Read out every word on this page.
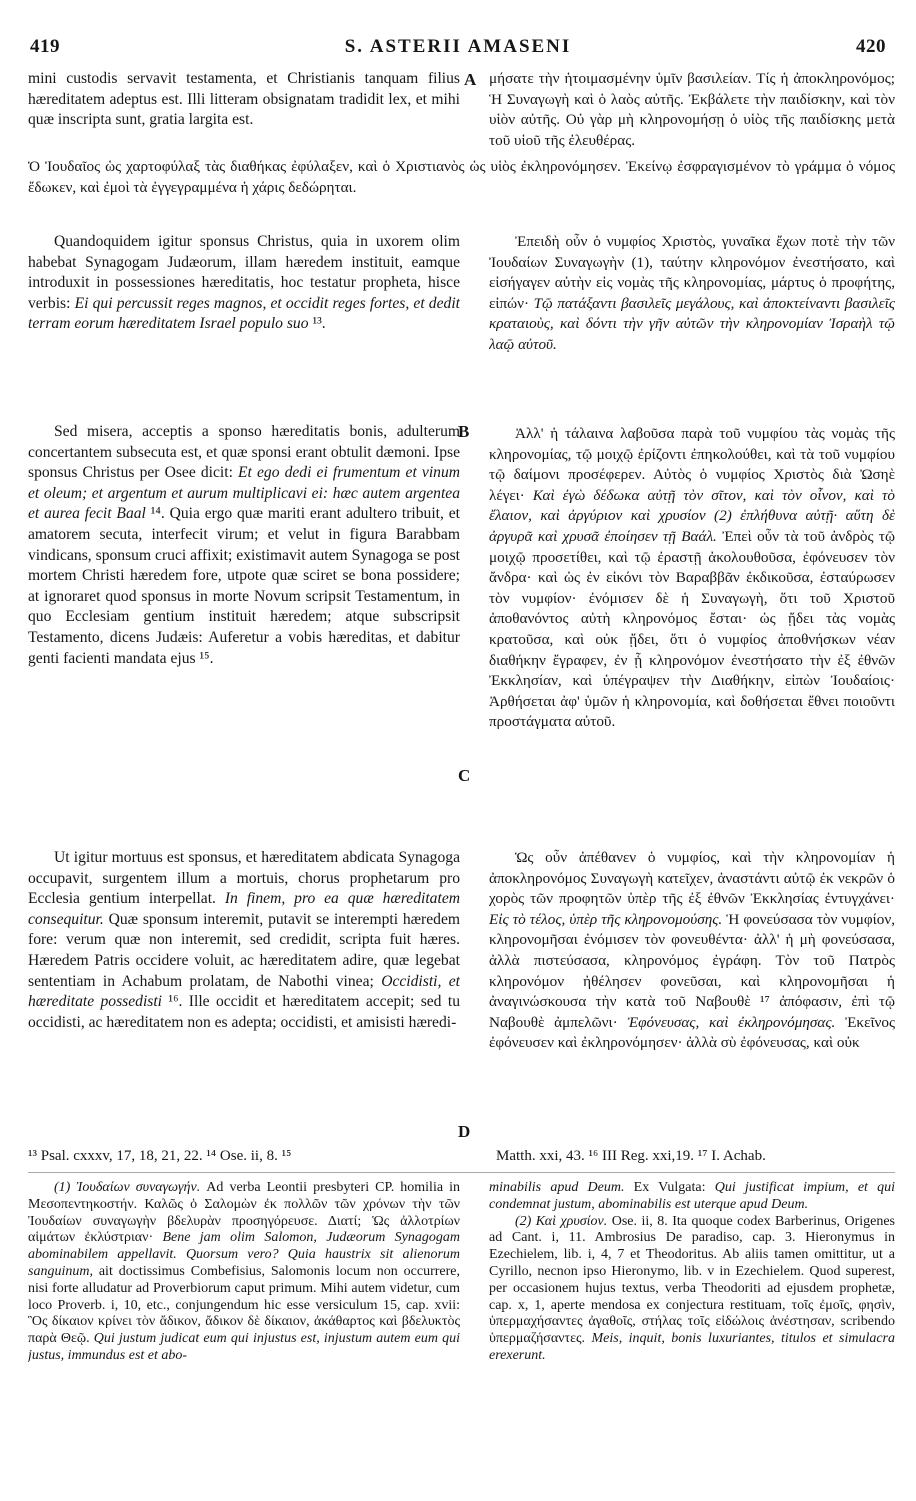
419	S. ASTERII AMASENI	420
A
B
C
D
mini custodis servavit testamenta, et Christianis tanquam filius hæreditatem adeptus est. Illi litteram obsignatam tradidit lex, et mihi quæ inscripta sunt, gratia largita est.
μήσατε τὴν ἡτοιμασμένην ὑμῖν βασιλείαν. Τίς ἡ ἀποκληρονόμος; Ἡ Συναγωγὴ καὶ ὁ λαὸς αὐτῆς. Ἐκβάλετε τὴν παιδίσκην, καὶ τὸν υἱὸν αὐτῆς. Οὐ γὰρ μὴ κληρονομήσῃ ὁ υἱὸς τῆς παιδίσκης μετὰ τοῦ υἱοῦ τῆς ἐλευθέρας.
Ὁ Ἰουδαῖος ὡς χαρτοφύλαξ τὰς διαθήκας ἐφύλαξεν, καὶ ὁ Χριστιανὸς ὡς υἱὸς ἐκληρονόμησεν. Ἐκείνῳ ἐσφραγισμένον τὸ γράμμα ὁ νόμος ἔδωκεν, καὶ ἐμοὶ τὰ ἐγγεγραμμένα ἡ χάρις δεδώρηται.
Quandoquidem igitur sponsus Christus, quia in uxorem olim habebat Synagogam Judæorum, illam hæredem instituit, eamque introduxit in possessiones hæreditatis, hoc testatur propheta, hisce verbis: Ei qui percussit reges magnos, et occidit reges fortes, et dedit terram eorum hæreditatem Israel populo suo ¹³.
Ἐπειδὴ οὖν ὁ νυμφίος Χριστὸς, γυναῖκα ἔχων ποτὲ τὴν τῶν Ἰουδαίων Συναγωγὴν (1), ταύτην κληρονόμον ἐνεστήσατο, καὶ εἰσήγαγεν αὐτὴν εἰς νομὰς τῆς κληρονομίας, μάρτυς ὁ προφήτης, εἰπών· Τῷ πατάξαντι βασιλεῖς μεγάλους, καὶ ἀποκτείναντι βασιλεῖς κραταιοὺς, καὶ δόντι τὴν γῆν αὐτῶν τὴν κληρονομίαν Ἰσραὴλ τῷ λαῷ αὐτοῦ.
Sed misera, acceptis a sponso hæreditatis bonis, adulterum concertantem subsecuta est, et quæ sponsi erant obtulit dæmoni. Ipse sponsus Christus per Osee dicit: Et ego dedi ei frumentum et vinum et oleum; et argentum et aurum multiplicavi ei: hæc autem argentea et aurea fecit Baal ¹⁴. Quia ergo quæ mariti erant adultero tribuit, et amatorem secuta, interfecit virum; et velut in figura Barabbam vindicans, sponsum cruci affixit; existimavit autem Synagoga se post mortem Christi hæredem fore, utpote quæ sciret se bona possidere; at ignoraret quod sponsus in morte Novum scripsit Testamentum, in quo Ecclesiam gentium instituit hæredem; atque subscripsit Testamento, dicens Judæis: Auferetur a vobis hæreditas, et dabitur genti facienti mandata ejus ¹⁵.
Ἀλλ' ἡ τάλαινα λαβοῦσα παρὰ τοῦ νυμφίου τὰς νομὰς τῆς κληρονομίας, τῷ μοιχῷ ἐρίζοντι ἐπηκολούθει, καὶ τὰ τοῦ νυμφίου τῷ δαίμονι προσέφερεν. Αὐτὸς ὁ νυμφίος Χριστὸς διὰ Ὠσηὲ λέγει· Καὶ ἐγὼ δέδωκα αὐτῇ τὸν σῖτον, καὶ τὸν οἶνον, καὶ τὸ ἔλαιον, καὶ ἀργύριον καὶ χρυσίον (2) ἐπλήθυνα αὐτῇ· αὕτη δὲ ἀργυρᾶ καὶ χρυσᾶ ἐποίησεν τῇ Βαάλ. Ἐπεὶ οὖν τὰ τοῦ ἀνδρὸς τῷ μοιχῷ προσετίθει, καὶ τῷ ἐραστῇ ἀκολουθοῦσα, ἐφόνευσεν τὸν ἄνδρα· καὶ ὡς ἐν εἰκόνι τὸν Βαραββᾶν ἐκδικοῦσα, ἐσταύρωσεν τὸν νυμφίον· ἐνόμισεν δὲ ἡ Συναγωγὴ, ὅτι τοῦ Χριστοῦ ἀποθανόντος αὐτὴ κληρονόμος ἔσται· ὡς ᾔδει τὰς νομὰς κρατοῦσα, καὶ οὐκ ᾔδει, ὅτι ὁ νυμφίος ἀποθνήσκων νέαν διαθήκην ἔγραφεν, ἐν ᾗ κληρονόμον ἐνεστήσατο τὴν ἐξ ἐθνῶν Ἐκκλησίαν, καὶ ὑπέγραψεν τὴν Διαθήκην, εἰπὼν Ἰουδαίοις· Ἀρθήσεται ἀφ' ὑμῶν ἡ κληρονομία, καὶ δοθήσεται ἔθνει ποιοῦντι προστάγματα αὐτοῦ.
Ut igitur mortuus est sponsus, et hæreditatem abdicata Synagoga occupavit, surgentem illum a mortuis, chorus prophetarum pro Ecclesia gentium interpellat. In finem, pro ea quæ hæreditatem consequitur. Quæ sponsum interemit, putavit se interempti hæredem fore: verum quæ non interemit, sed credidit, scripta fuit hæres. Hæredem Patris occidere voluit, ac hæreditatem adire, quæ legebat sententiam in Achabum prolatam, de Nabothi vinea; Occidisti, et hæreditate possedisti ¹⁶. Ille occidit et hæreditatem accepit; sed tu occidisti, ac hæreditatem non es adepta; occidisti, et amisisti hæredi-
Ὡς οὖν ἀπέθανεν ὁ νυμφίος, καὶ τὴν κληρονομίαν ἡ ἀποκληρονόμος Συναγωγὴ κατεῖχεν, ἀναστάντι αὐτῷ ἐκ νεκρῶν ὁ χορὸς τῶν προφητῶν ὑπὲρ τῆς ἐξ ἐθνῶν Ἐκκλησίας ἐντυγχάνει· Εἰς τὸ τέλος, ὑπὲρ τῆς κληρονομούσης. Ἡ φονεύσασα τὸν νυμφίον, κληρονομῆσαι ἐνόμισεν τὸν φονευθέντα· ἀλλ' ἡ μὴ φονεύσασα, ἀλλὰ πιστεύσασα, κληρονόμος ἐγράφη. Τὸν τοῦ Πατρὸς κληρονόμον ἠθέλησεν φονεῦσαι, καὶ κληρονομῆσαι ἡ ἀναγινώσκουσα τὴν κατὰ τοῦ Ναβουθὲ ¹⁷ ἀπόφασιν, ἐπὶ τῷ Ναβουθὲ ἀμπελῶνι· Ἐφόνευσας, καὶ ἐκληρονόμησας. Ἐκεῖνος ἐφόνευσεν καὶ ἐκληρονόμησεν· ἀλλὰ σὺ ἐφόνευσας, καὶ οὐκ
¹³ Psal. cxxxv, 17, 18, 21, 22. ¹⁴ Ose. ii, 8. ¹⁵	Matth. xxi, 43. ¹⁶ III Reg. xxi,19. ¹⁷ I. Achab.
(1) Ἰουδαίων συναγωγήν. Ad verba Leontii presbyteri CP. homilia in Μεσοπεντηκοστήν. Καλῶς ὁ Σαλομὼν ἐκ πολλῶν τῶν χρόνων τὴν τῶν Ἰουδαίων συναγωγὴν βδελυρὰν προσηγόρευσε. Διατί; Ὡς ἀλλοτρίων αἱμάτων ἐκλύστριαν· Bene jam olim Salomon, Judæorum Synagogam abominabilem appellavit. Quorsum vero? Quia haustrix sit alienorum sanguinum, ait doctissimus Combefisius, Salomonis locum non occurrere, nisi forte alludatur ad Proverbiorum caput primum. Mihi autem videtur, cum loco Proverb. i, 10, etc., conjungendum hic esse versiculum 15, cap. xvii: Ὃς δίκαιον κρίνει τὸν ἄδικον, ἄδικον δὲ δίκαιον, ἀκάθαρτος καὶ βδελυκτὸς παρὰ Θεῷ. Qui justum judicat eum qui injustus est, injustum autem eum qui justus, immundus est et abo-
minabilis apud Deum. Ex Vulgata: Qui justificat impium, et qui condemnat justum, abominabilis est uterque apud Deum.
(2) Καὶ χρυσίον. Ose. ii, 8. Ita quoque codex Barberinus, Origenes ad Cant. i, 11. Ambrosius De paradiso, cap. 3. Hieronymus in Ezechielem, lib. i, 4, 7 et Theodoritus. Ab aliis tamen omittitur, ut a Cyrillo, necnon ipso Hieronymo, lib. v in Ezechielem. Quod superest, per occasionem hujus textus, verba Theodoriti ad ejusdem prophetæ, cap. x, 1, aperte mendosa ex conjectura restituam, τοῖς ἐμοῖς, φησὶν, ὑπερμαχήσαντες ἀγαθοῖς, στήλας τοῖς εἰδώλοις ἀνέστησαν, scribendo ὑπερμαζήσαντες. Meis, inquit, bonis luxuriantes, titulos et simulacra erexerunt.
